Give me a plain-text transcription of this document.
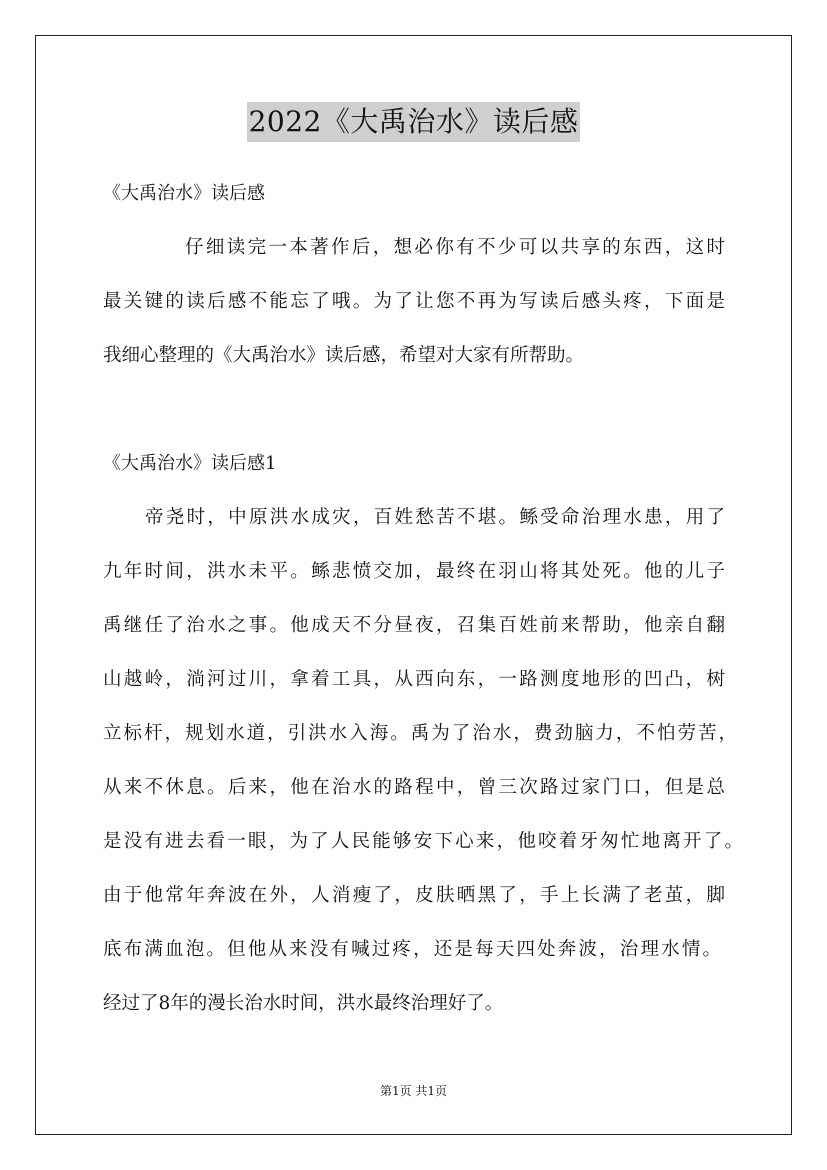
2022《大禹治水》读后感
《大禹治水》读后感
仔细读完一本著作后，想必你有不少可以共享的东西，这时
最关键的读后感不能忘了哦。为了让您不再为写读后感头疼，下面是
我细心整理的《大禹治水》读后感，希望对大家有所帮助。
《大禹治水》读后感1
帝尧时，中原洪水成灾，百姓愁苦不堪。鲧受命治理水患，用了
九年时间，洪水未平。鲧悲愤交加，最终在羽山将其处死。他的儿子
禹继任了治水之事。他成天不分昼夜，召集百姓前来帮助，他亲自翻
山越岭，淌河过川，拿着工具，从西向东，一路测度地形的凹凸，树
立标杆，规划水道，引洪水入海。禹为了治水，费劲脑力，不怕劳苦，
从来不休息。后来，他在治水的路程中，曾三次路过家门口，但是总
是没有进去看一眼，为了人民能够安下心来，他咬着牙匆忙地离开了。
由于他常年奔波在外，人消瘦了，皮肤晒黑了，手上长满了老茧，脚
底布满血泡。但他从来没有喊过疼，还是每天四处奔波，治理水情。
经过了8年的漫长治水时间，洪水最终治理好了。
第1页 共1页
